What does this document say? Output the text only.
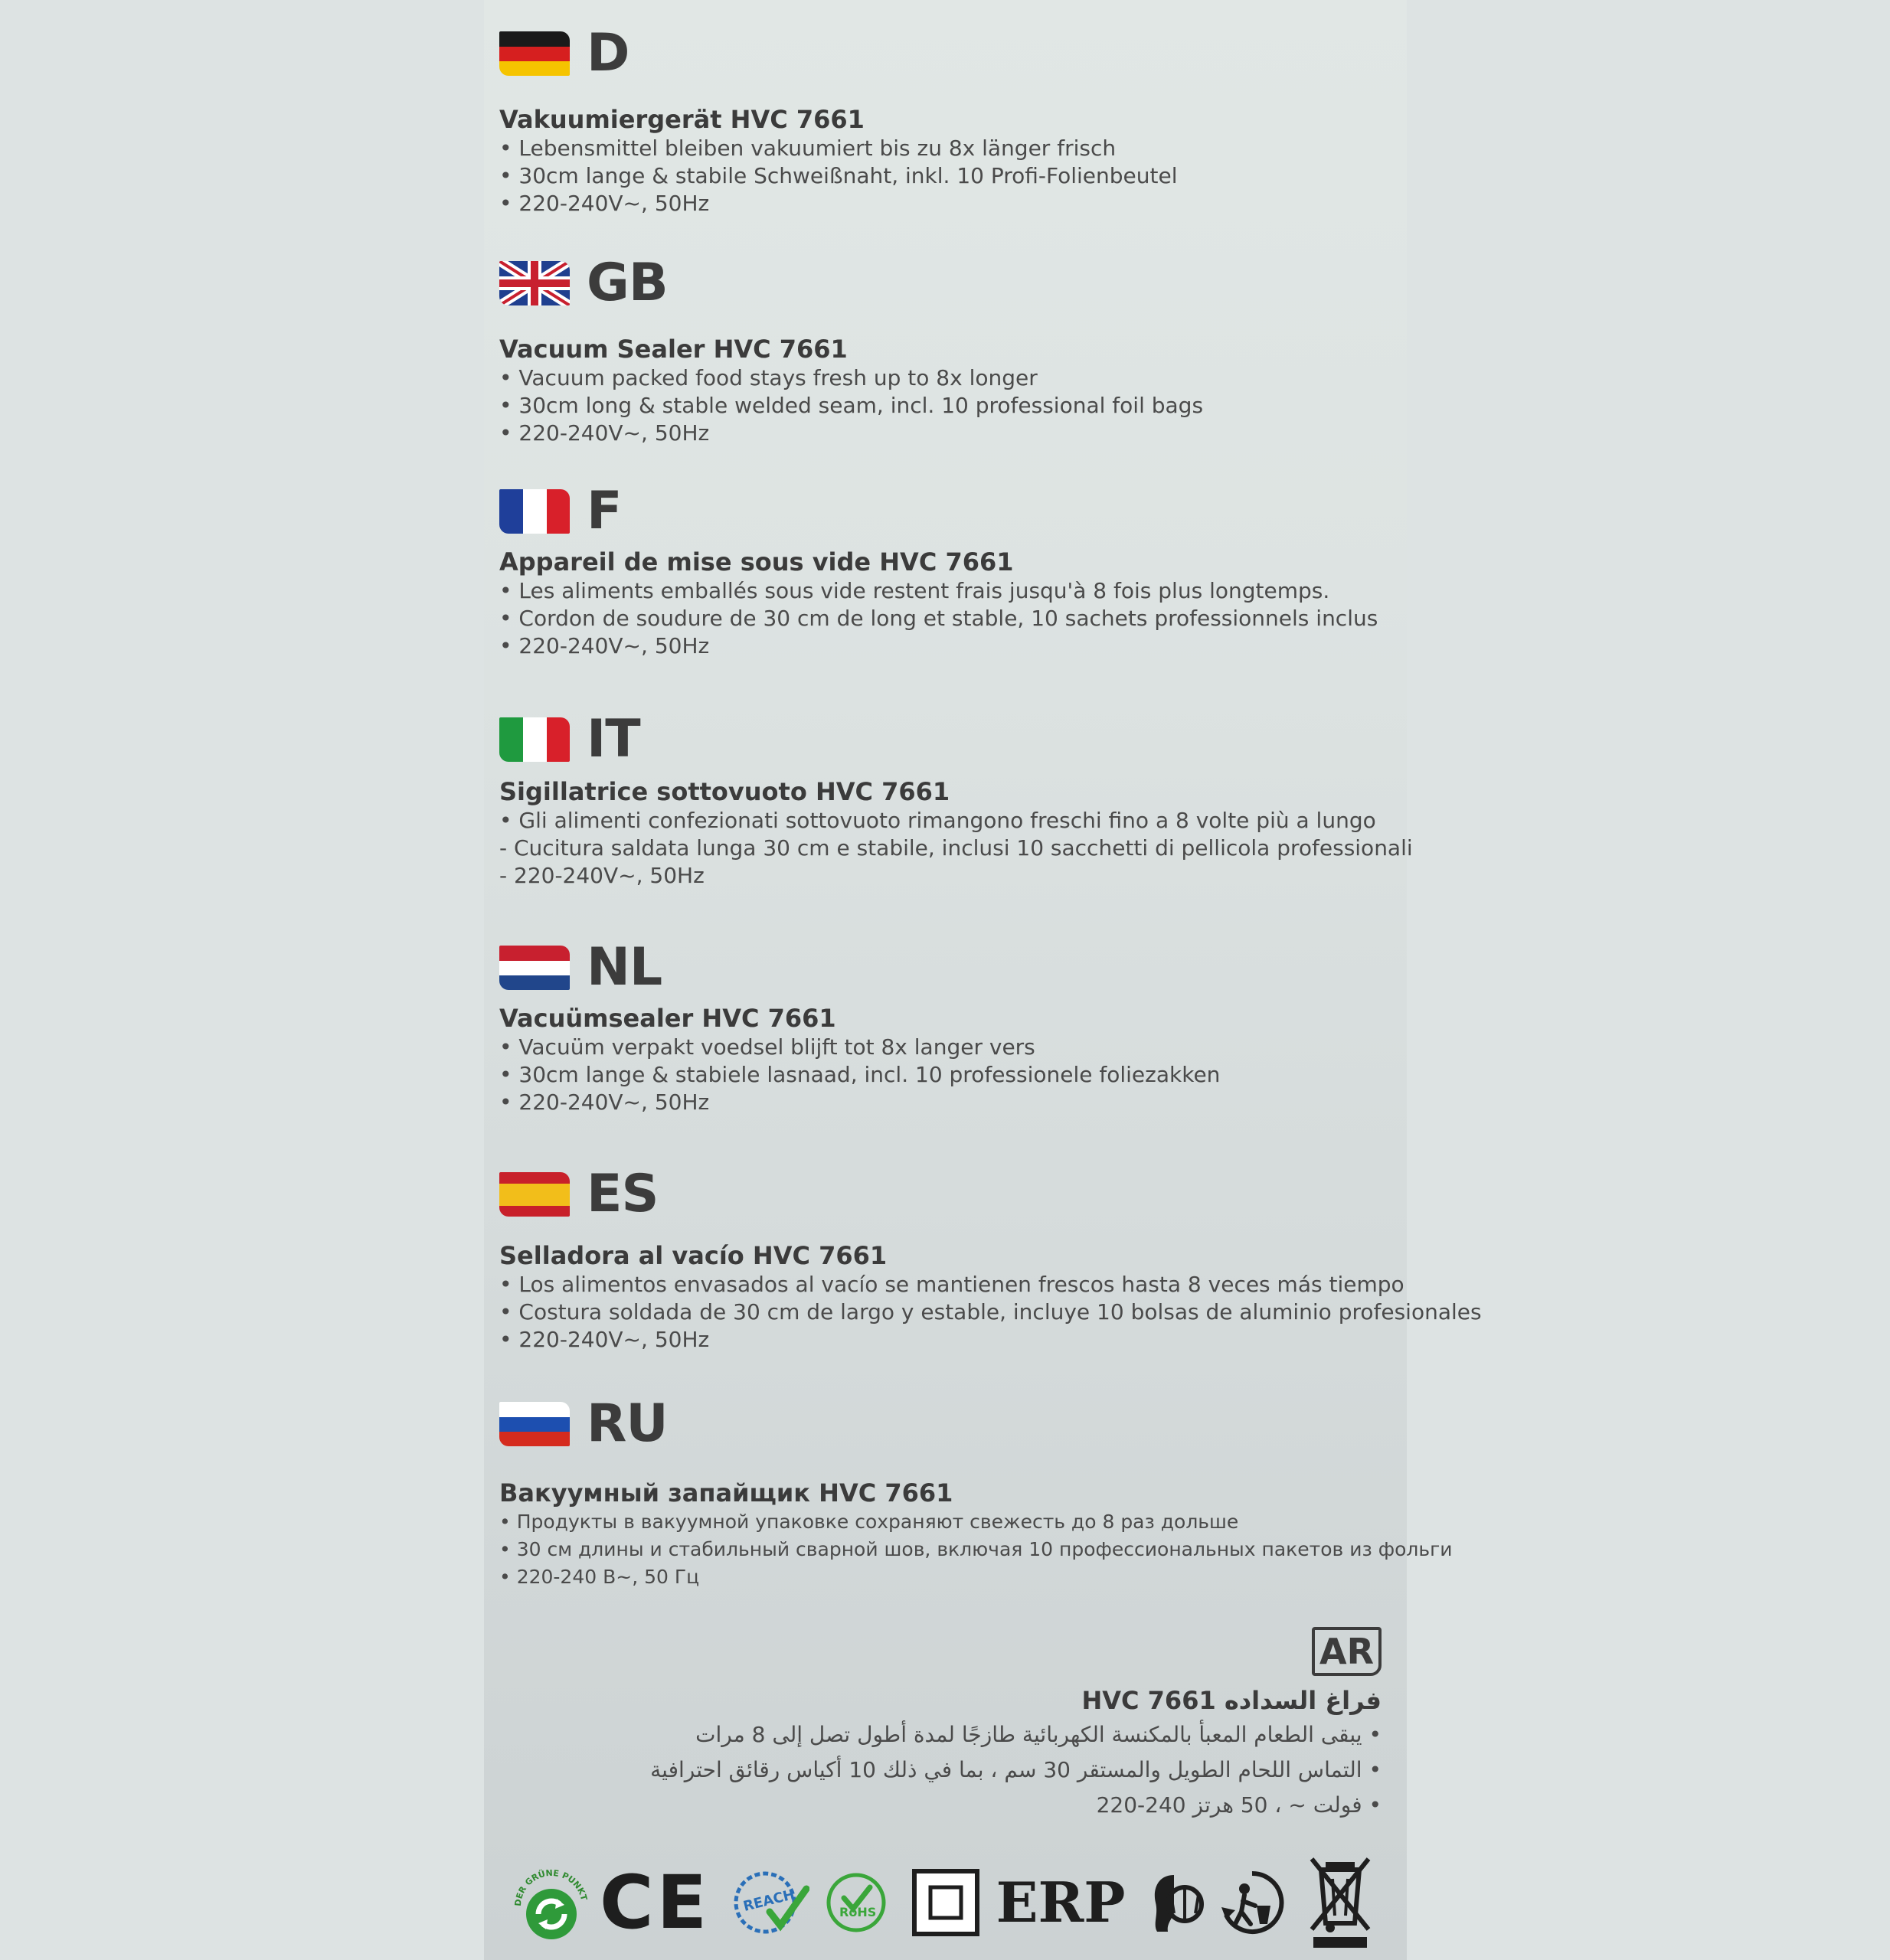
D
Vakuumiergerät HVC 7661
• Lebensmittel bleiben vakuumiert bis zu 8x länger frisch
• 30cm lange & stabile Schweißnaht, inkl. 10 Profi-Folienbeutel
• 220-240V~, 50Hz
GB
Vacuum Sealer HVC 7661
• Vacuum packed food stays fresh up to 8x longer
• 30cm long & stable welded seam, incl. 10 professional foil bags
• 220-240V~, 50Hz
F
Appareil de mise sous vide HVC 7661
• Les aliments emballés sous vide restent frais jusqu'à 8 fois plus longtemps.
• Cordon de soudure de 30 cm de long et stable, 10 sachets professionnels inclus
• 220-240V~, 50Hz
IT
Sigillatrice sottovuoto HVC 7661
• Gli alimenti confezionati sottovuoto rimangono freschi fino a 8 volte più a lungo
- Cucitura saldata lunga 30 cm e stabile, inclusi 10 sacchetti di pellicola professionali
- 220-240V~, 50Hz
NL
Vacuümsealer HVC 7661
• Vacuüm verpakt voedsel blijft tot 8x langer vers
• 30cm lange & stabiele lasnaad, incl. 10 professionele foliezakken
• 220-240V~, 50Hz
ES
Selladora al vacío HVC 7661
• Los alimentos envasados al vacío se mantienen frescos hasta 8 veces más tiempo
• Costura soldada de 30 cm de largo y estable, incluye 10 bolsas de aluminio profesionales
• 220-240V~, 50Hz
RU
Вакуумный запайщик HVC 7661
• Продукты в вакуумной упаковке сохраняют свежесть до 8 раз дольше
• 30 см длины и стабильный сварной шов, включая 10 профессиональных пакетов из фольги
• 220-240 В~, 50 Гц
AR
HVC 7661 فراغ السداده
يبقى الطعام المعبأ بالمكنسة الكهربائية طازجًا لمدة أطول تصل إلى 8 مرات •
التماس اللحام الطويل والمستقر 30 سم ، بما في ذلك 10 أكياس رقائق احترافية •
220-240 فولت ~ ، 50 هرتز •
DER GRÜNE PUNKT CE REACH	RoHS ERP
